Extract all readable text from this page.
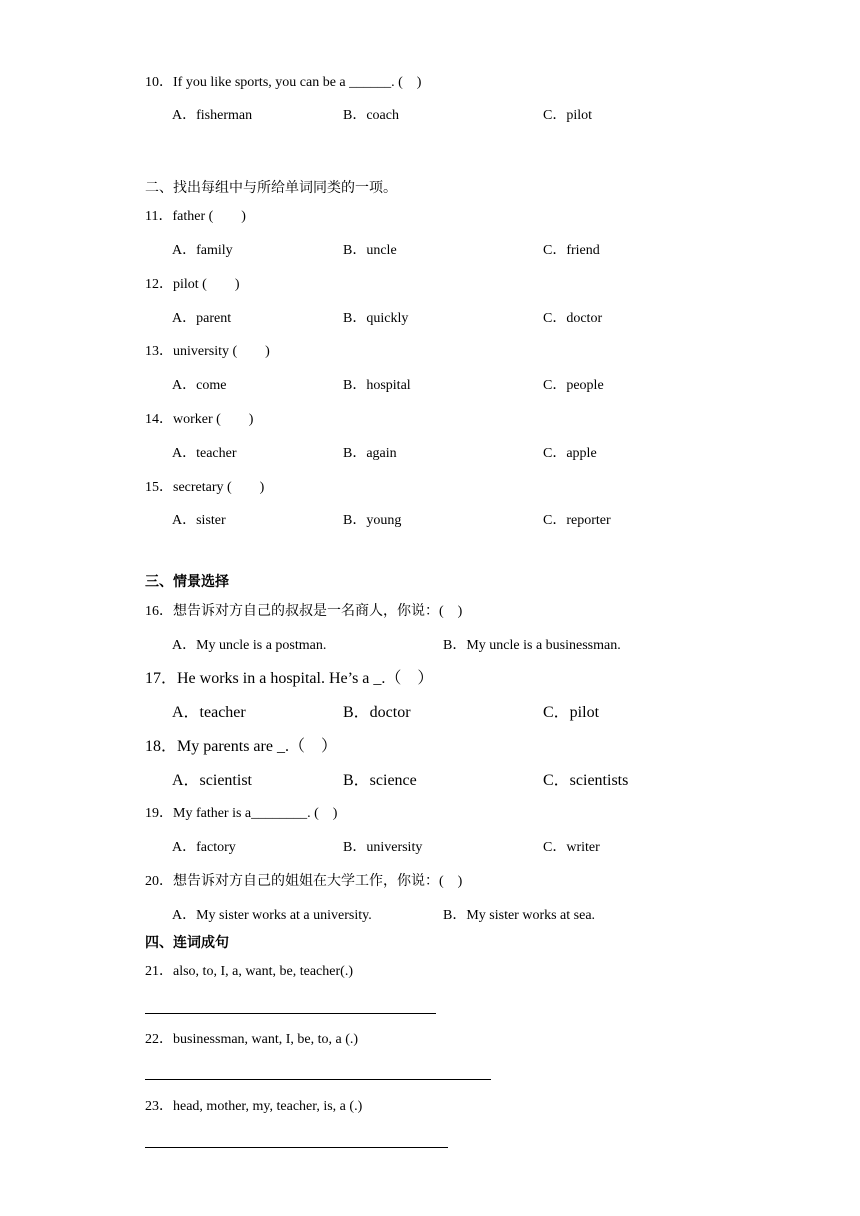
10．If you like sports, you can be a ______. (　)
A．fisherman	B．coach	C．pilot
二、找出每组中与所给单词同类的一项。
11．father (　　)
A．family	B．uncle	C．friend
12．pilot (　　)
A．parent	B．quickly	C．doctor
13．university (　　)
A．come	B．hospital	C．people
14．worker (　　)
A．teacher	B．again	C．apple
15．secretary (　　)
A．sister	B．young	C．reporter
三、情景选择
16．想告诉对方自己的叔叔是一名商人，你说：(　)
A．My uncle is a postman.	B．My uncle is a businessman.
17．He works in a hospital. He’s a _.（　）
A．teacher	B．doctor	C．pilot
18．My parents are _.（　）
A．scientist	B．science	C．scientists
19．My father is a________. (　)
A．factory	B．university	C．writer
20．想告诉对方自己的姐姐在大学工作，你说：(　)
A．My sister works at a university.	B．My sister works at sea.
四、连词成句
21．also, to, I, a, want, be, teacher(.)
22．businessman, want, I, be, to, a (.)
23．head, mother, my, teacher, is, a (.)
